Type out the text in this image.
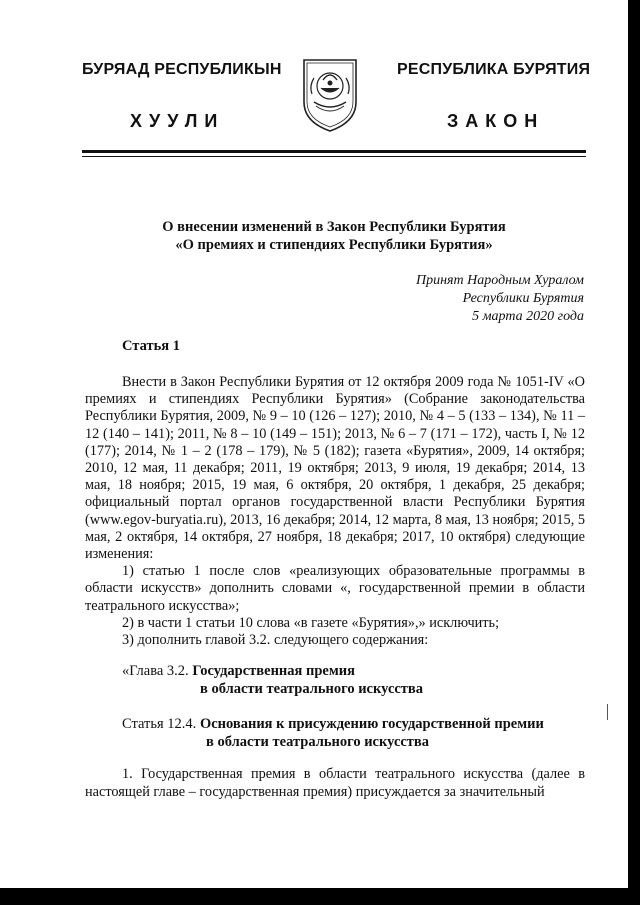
БУРЯАД РЕСПУБЛИКЫН	РЕСПУБЛИКА БУРЯТИЯ
ХУУЛИ	ЗАКОН
О внесении изменений в Закон Республики Бурятия
«О премиях и стипендиях Республики Бурятия»
Принят Народным Хуралом
Республики Бурятия
5 марта 2020 года
Статья 1

Внести в Закон Республики Бурятия от 12 октября 2009 года № 1051-IV «О премиях и стипендиях Республики Бурятия» (Собрание законодательства Республики Бурятия, 2009, № 9 – 10 (126 – 127); 2010, № 4 – 5 (133 – 134), № 11 – 12 (140 – 141); 2011, № 8 – 10 (149 – 151); 2013, № 6 – 7 (171 – 172), часть I, № 12 (177); 2014, № 1 – 2 (178 – 179), № 5 (182); газета «Бурятия», 2009, 14 октября; 2010, 12 мая, 11 декабря; 2011, 19 октября; 2013, 9 июля, 19 декабря; 2014, 13 мая, 18 ноября; 2015, 19 мая, 6 октября, 20 октября, 1 декабря, 25 декабря; официальный портал органов государственной власти Республики Бурятия (www.egov-buryatia.ru), 2013, 16 декабря; 2014, 12 марта, 8 мая, 13 ноября; 2015, 5 мая, 2 октября, 14 октября, 27 ноября, 18 декабря; 2017, 10 октября) следующие изменения:

1) статью 1 после слов «реализующих образовательные программы в области искусств» дополнить словами «, государственной премии в области театрального искусства»;

2) в части 1 статьи 10 слова «в газете «Бурятия»,» исключить;

3) дополнить главой 3.2. следующего содержания:

«Глава 3.2. Государственная премия
в области театрального искусства
Статья 12.4. Основания к присуждению государственной премии
в области театрального искусства

1. Государственная премия в области театрального искусства (далее в настоящей главе – государственная премия) присуждается за значительный
